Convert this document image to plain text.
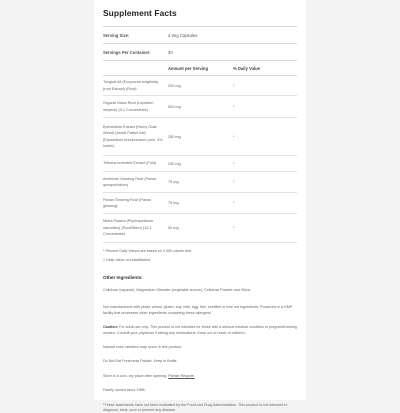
Supplement Facts
Serving Size:	2 Veg Capsules
Servings Per Container:	30
Amount per Serving	% Daily Value
Tongkat Ali (Eurycoma longifolia) (root Extract) (Root)
200 mg	*
Organic Maca Root (Lepidium meyenii) (4:1 Concentrate)
500 mg	*
Epimedium Extract (Horny Goat Weed) (Aerial Parts/Leaf) (Epimedium brevicornum) (min. 3% Icariin)
250 mg	*
Tribulus terrestris Extract (Fruit)	250 mg	*
American Ginseng Root (Panax quinquefolium)
75 mg	*
Panax Ginseng Root (Panax ginseng)
75 mg	*
Muira Puama (Ptychopetalum olacoides) (Root/Stem) (12:1 Concentrate)
50 mg	*
* Percent Daily Values are based on 2,000 calorie diet.
† Daily Value not established.
Other Ingredients:
Cellulose (capsule), Magnesium Stearate (vegetable source), Cellulose Powder and Silica.
Not manufactured with yeast, wheat, gluten, soy, milk, egg, fish, shellfish or tree nut ingredients. Produced in a GMP facility that processes other ingredients containing these allergens.
Caution: For adult use only. This product is not intended for those with a serious medical condition or pregnant/nursing women. Consult your physician if taking any medications. Keep out of reach of children.
Natural color variation may occur in this product.
Do Not Eat Freshness Packet. Keep in Bottle.
Store in a cool, dry place after opening. Please Recycle.
Family owned since 1968.
*These statements have not been evaluated by the Food and Drug Administration. This product is not intended to diagnose, treat, cure or prevent any disease.
